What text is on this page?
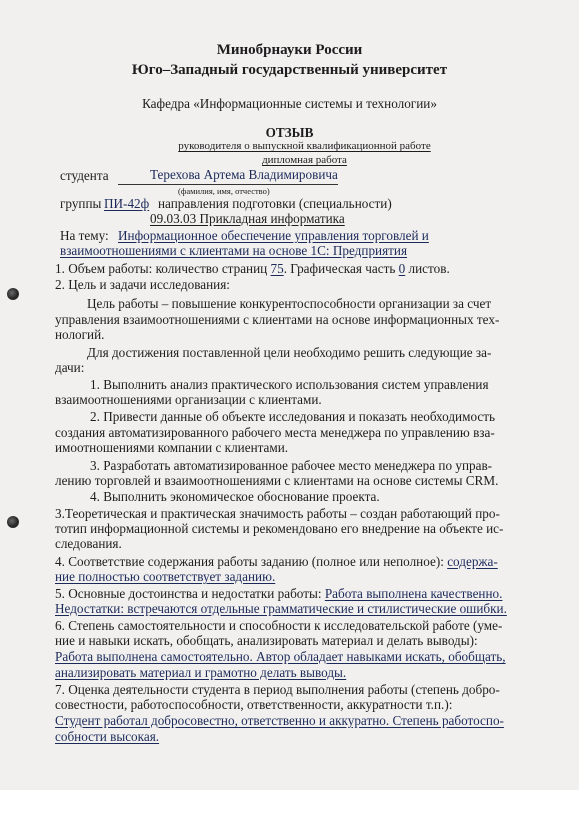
Минобрнауки России
Юго–Западный государственный университет
Кафедра «Информационные системы и технологии»
ОТЗЫВ
руководителя о выпускной квалификационной работе
дипломная работа
студента	Терехова Артема Владимировича
(фамилия, имя, отчество)
группы ПИ-42ф направления подготовки (специальности)
09.03.03 Прикладная информатика
На тему: Информационное обеспечение управления торговлей и
взаимоотношениями с клиентами на основе 1С: Предприятия
1. Объем работы: количество страниц 75. Графическая часть 0 листов.
2. Цель и задачи исследования:
Цель работы – повышение конкурентоспособности организации за счет
управления взаимоотношениями с клиентами на основе информационных тех-
нологий.
Для достижения поставленной цели необходимо решить следующие за-
дачи:
1. Выполнить анализ практического использования систем управления
взаимоотношениями организации с клиентами.
2. Привести данные об объекте исследования и показать необходимость
создания автоматизированного рабочего места менеджера по управлению вза-
имоотношениями компании с клиентами.
3. Разработать автоматизированное рабочее место менеджера по управ-
лению торговлей и взаимоотношениями с клиентами на основе системы CRM.
4. Выполнить экономическое обоснование проекта.
3.Теоретическая и практическая значимость работы – создан работающий про-
тотип информационной системы и рекомендовано его внедрение на объекте ис-
следования.
4. Соответствие содержания работы заданию (полное или неполное): содержа-
ние полностью соответствует заданию.
5. Основные достоинства и недостатки работы: Работа выполнена качественно.
Недостатки: встречаются отдельные грамматические и стилистические ошибки.
6. Степень самостоятельности и способности к исследовательской работе (уме-
ние и навыки искать, обобщать, анализировать материал и делать выводы):
Работа выполнена самостоятельно. Автор обладает навыками искать, обобщать,
анализировать материал и грамотно делать выводы.
7. Оценка деятельности студента в период выполнения работы (степень добро-
совестности, работоспособности, ответственности, аккуратности т.п.):
Студент работал добросовестно, ответственно и аккуратно. Степень работоспо-
собности высокая.
